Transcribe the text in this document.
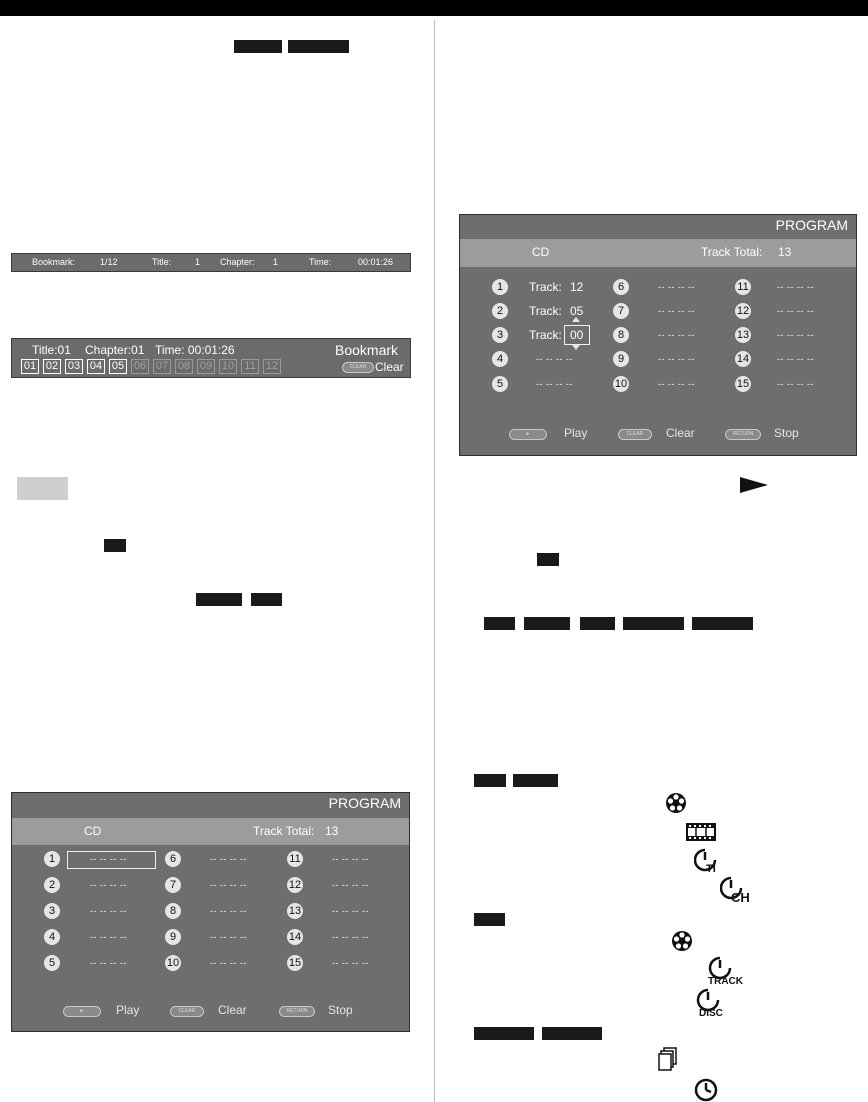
Bookmark:	1/12	Title:	1 Chapter: 1	Time:	00:01:26
Title:01 Chapter:01 Time: 00:01:26	Bookmark
01 02 03 04 05 06 07 08 09 10 11 12	CLEAR Clear
PROGRAM
CD	Track Total: 13
1	Track: 12
2	Track: 05
3	Track: 00
4	-- -- -- --
5	-- -- -- --
6	-- -- -- --
7	-- -- -- --
8	-- -- -- --
9	-- -- -- --
10	-- -- -- --
11	-- -- -- --
12	-- -- -- --
13	-- -- -- --
14	-- -- -- --
15	-- -- -- --
►	Play	CLEAR	Clear	RETURN	Stop
TI
CH
TRACK
DISC
PROGRAM
CD	Track Total: 13
1	-- -- -- --
2	-- -- -- --
3	-- -- -- --
4	-- -- -- --
5	-- -- -- --
6	-- -- -- --
7	-- -- -- --
8	-- -- -- --
9	-- -- -- --
10	-- -- -- --
11	-- -- -- --
12	-- -- -- --
13	-- -- -- --
14	-- -- -- --
15	-- -- -- --
►	Play	CLEAR	Clear	RETURN	Stop
